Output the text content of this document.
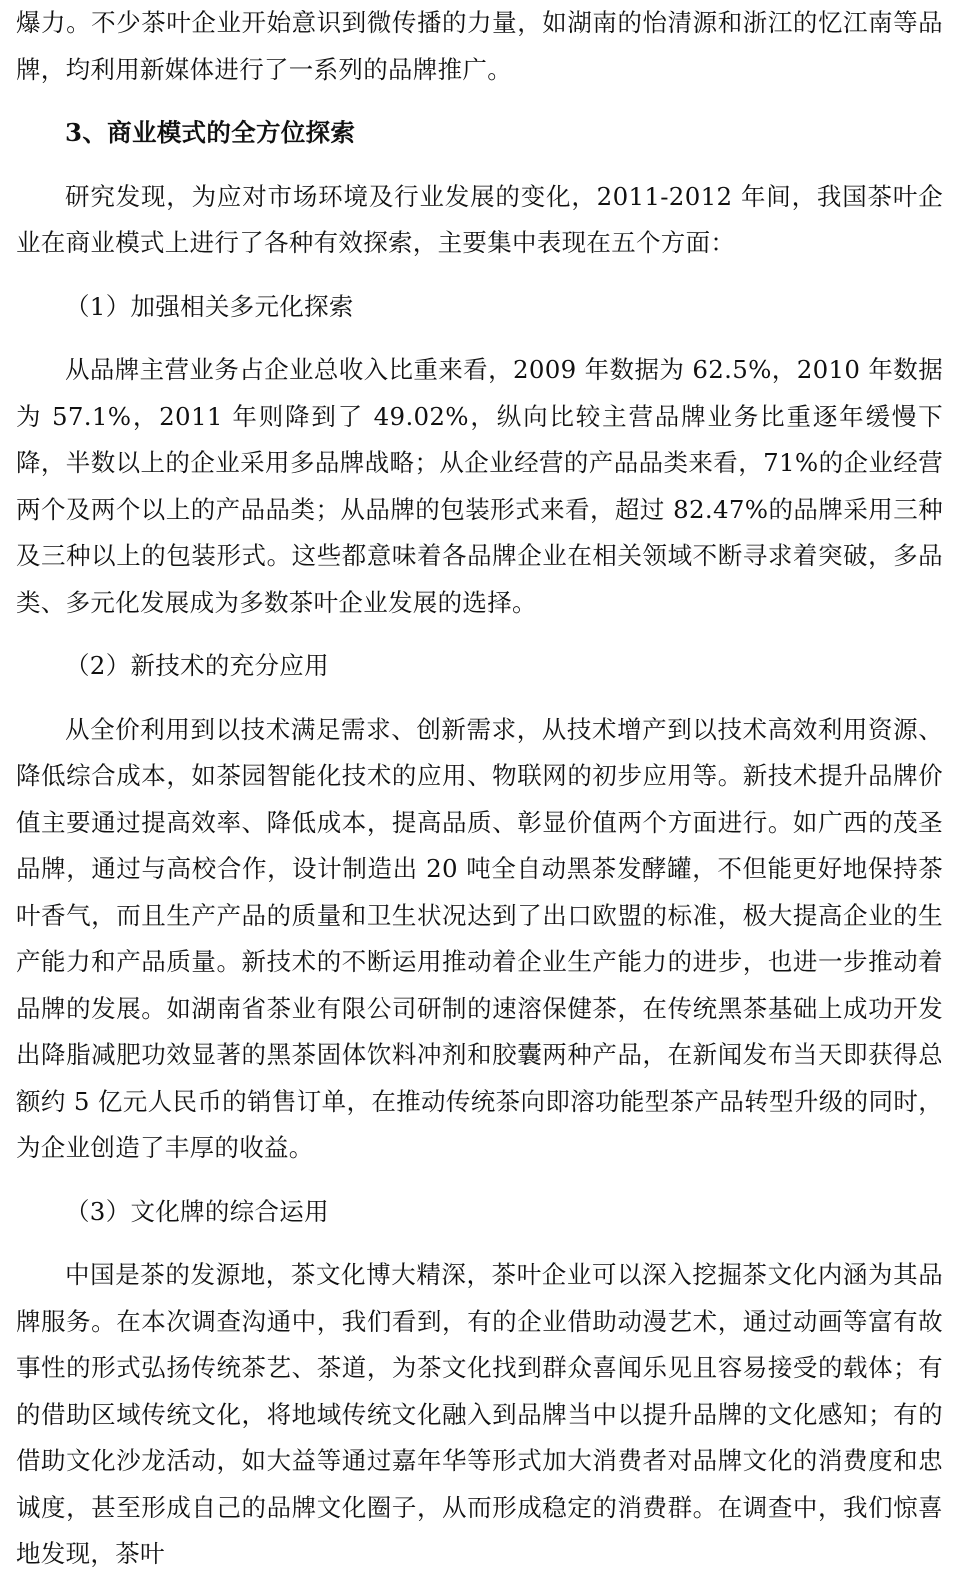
爆力。不少茶叶企业开始意识到微传播的力量，如湖南的怡清源和浙江的忆江南等品牌，均利用新媒体进行了一系列的品牌推广。

3、商业模式的全方位探索

研究发现，为应对市场环境及行业发展的变化，2011-2012 年间，我国茶叶企业在商业模式上进行了各种有效探索，主要集中表现在五个方面：

（1）加强相关多元化探索

从品牌主营业务占企业总收入比重来看，2009 年数据为 62.5%，2010 年数据为 57.1%，2011 年则降到了 49.02%，纵向比较主营品牌业务比重逐年缓慢下降，半数以上的企业采用多品牌战略；从企业经营的产品品类来看，71%的企业经营两个及两个以上的产品品类；从品牌的包装形式来看，超过 82.47%的品牌采用三种及三种以上的包装形式。这些都意味着各品牌企业在相关领域不断寻求着突破，多品类、多元化发展成为多数茶叶企业发展的选择。

（2）新技术的充分应用

从全价利用到以技术满足需求、创新需求，从技术增产到以技术高效利用资源、降低综合成本，如茶园智能化技术的应用、物联网的初步应用等。新技术提升品牌价值主要通过提高效率、降低成本，提高品质、彰显价值两个方面进行。如广西的茂圣品牌，通过与高校合作，设计制造出 20 吨全自动黑茶发酵罐，不但能更好地保持茶叶香气，而且生产产品的质量和卫生状况达到了出口欧盟的标准，极大提高企业的生产能力和产品质量。新技术的不断运用推动着企业生产能力的进步，也进一步推动着品牌的发展。如湖南省茶业有限公司研制的速溶保健茶，在传统黑茶基础上成功开发出降脂减肥功效显著的黑茶固体饮料冲剂和胶囊两种产品，在新闻发布当天即获得总额约 5 亿元人民币的销售订单，在推动传统茶向即溶功能型茶产品转型升级的同时，为企业创造了丰厚的收益。

（3）文化牌的综合运用

中国是茶的发源地，茶文化博大精深，茶叶企业可以深入挖掘茶文化内涵为其品牌服务。在本次调查沟通中，我们看到，有的企业借助动漫艺术，通过动画等富有故事性的形式弘扬传统茶艺、茶道，为茶文化找到群众喜闻乐见且容易接受的载体；有的借助区域传统文化，将地域传统文化融入到品牌当中以提升品牌的文化感知；有的借助文化沙龙活动，如大益等通过嘉年华等形式加大消费者对品牌文化的消费度和忠诚度，甚至形成自己的品牌文化圈子，从而形成稳定的消费群。在调查中，我们惊喜地发现，茶叶
